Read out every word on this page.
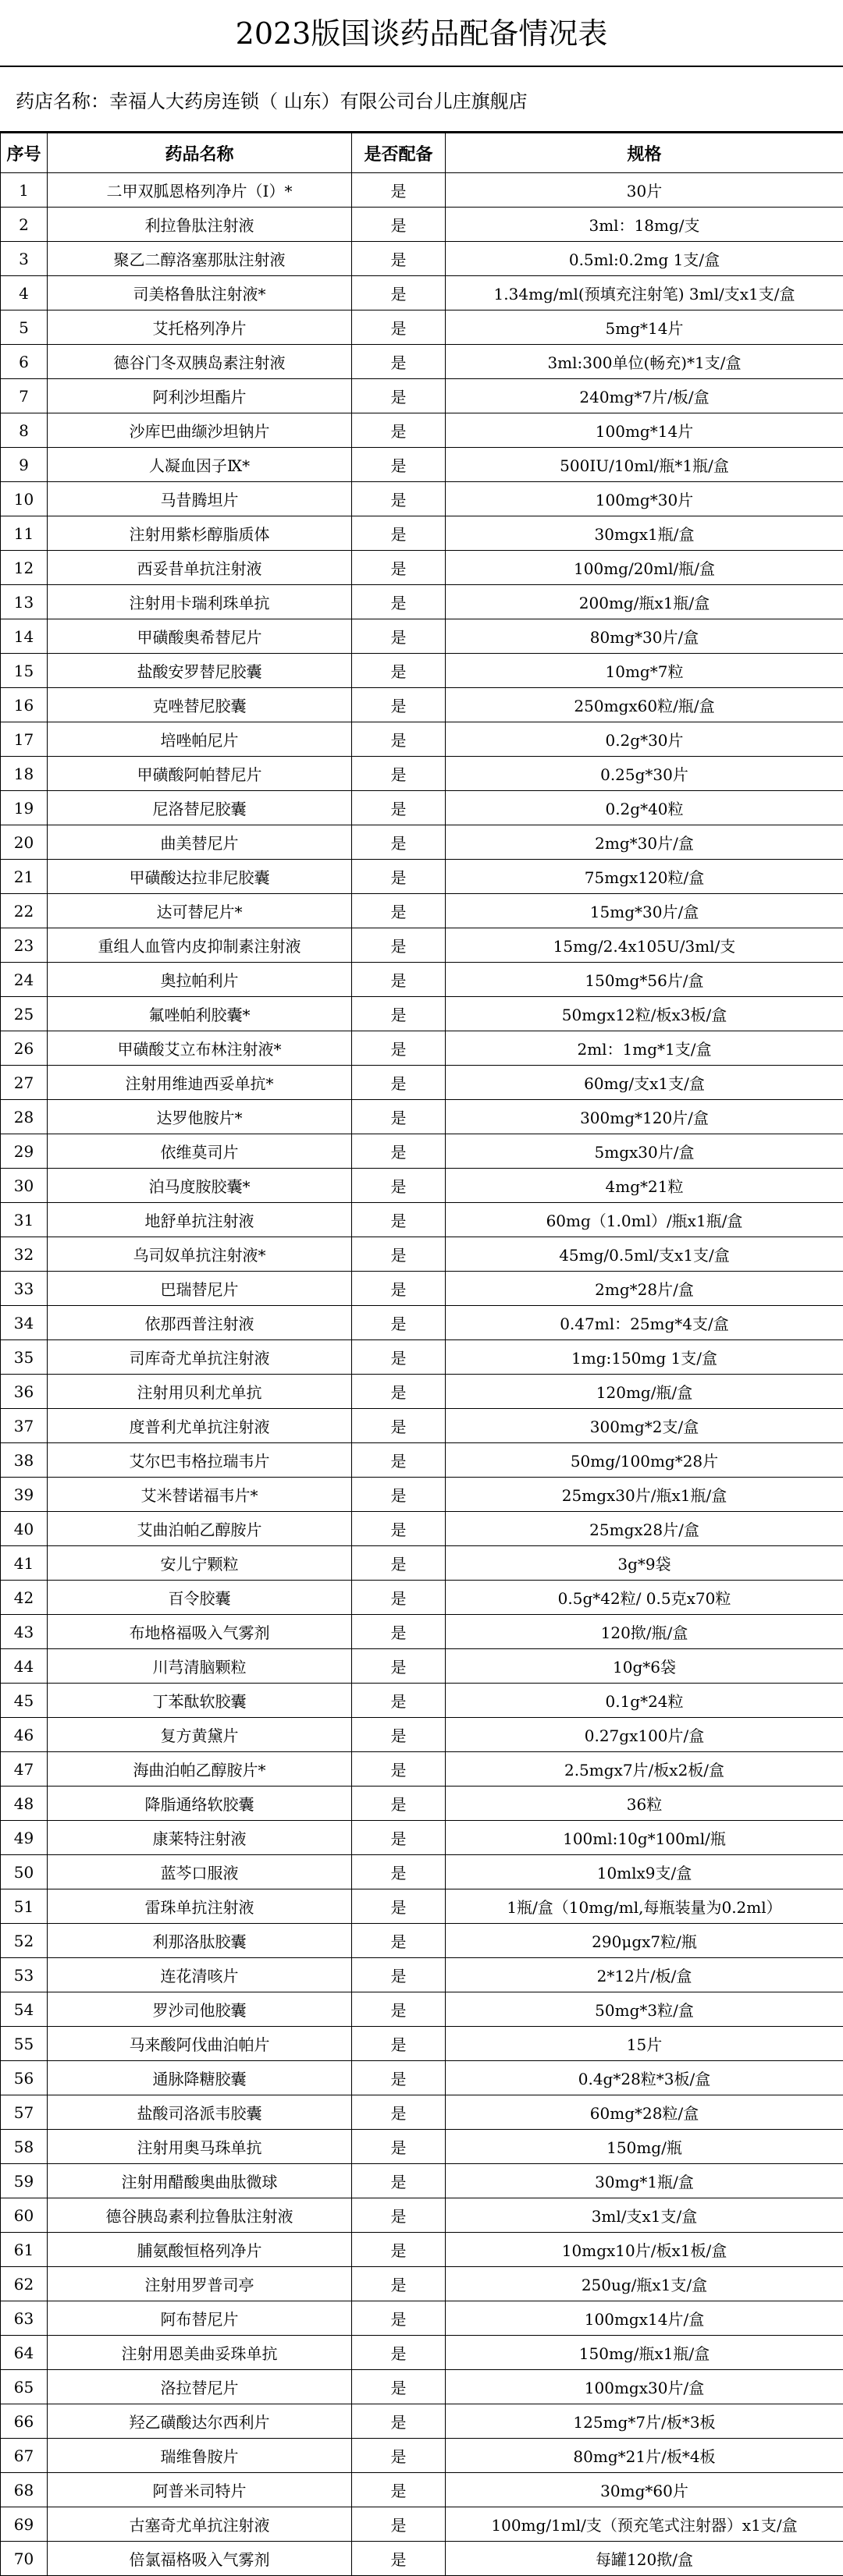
2023版国谈药品配备情况表
药店名称：幸福人大药房连锁（ 山东）有限公司台儿庄旗舰店
序号	药品名称	是否配备	规格
1	二甲双胍恩格列净片（Ⅰ）*	是	30片
2	利拉鲁肽注射液	是	3ml：18mg/支
3	聚乙二醇洛塞那肽注射液	是	0.5ml:0.2mg 1支/盒
4	司美格鲁肽注射液*	是	1.34mg/ml(预填充注射笔) 3ml/支x1支/盒
5	艾托格列净片	是	5mg*14片
6	德谷门冬双胰岛素注射液	是	3ml:300单位(畅充)*1支/盒
7	阿利沙坦酯片	是	240mg*7片/板/盒
8	沙库巴曲缬沙坦钠片	是	100mg*14片
9	人凝血因子Ⅸ*	是	500IU/10ml/瓶*1瓶/盒
10	马昔腾坦片	是	100mg*30片
11	注射用紫杉醇脂质体	是	30mgx1瓶/盒
12	西妥昔单抗注射液	是	100mg/20ml/瓶/盒
13	注射用卡瑞利珠单抗	是	200mg/瓶x1瓶/盒
14	甲磺酸奥希替尼片	是	80mg*30片/盒
15	盐酸安罗替尼胶囊	是	10mg*7粒
16	克唑替尼胶囊	是	250mgx60粒/瓶/盒
17	培唑帕尼片	是	0.2g*30片
18	甲磺酸阿帕替尼片	是	0.25g*30片
19	尼洛替尼胶囊	是	0.2g*40粒
20	曲美替尼片	是	2mg*30片/盒
21	甲磺酸达拉非尼胶囊	是	75mgx120粒/盒
22	达可替尼片*	是	15mg*30片/盒
23	重组人血管内皮抑制素注射液	是	15mg/2.4x105U/3ml/支
24	奥拉帕利片	是	150mg*56片/盒
25	氟唑帕利胶囊*	是	50mgx12粒/板x3板/盒
26	甲磺酸艾立布林注射液*	是	2ml：1mg*1支/盒
27	注射用维迪西妥单抗*	是	60mg/支x1支/盒
28	达罗他胺片*	是	300mg*120片/盒
29	依维莫司片	是	5mgx30片/盒
30	泊马度胺胶囊*	是	4mg*21粒
31	地舒单抗注射液	是	60mg（1.0ml）/瓶x1瓶/盒
32	乌司奴单抗注射液*	是	45mg/0.5ml/支x1支/盒
33	巴瑞替尼片	是	2mg*28片/盒
34	依那西普注射液	是	0.47ml：25mg*4支/盒
35	司库奇尤单抗注射液	是	1mg:150mg 1支/盒
36	注射用贝利尤单抗	是	120mg/瓶/盒
37	度普利尤单抗注射液	是	300mg*2支/盒
38	艾尔巴韦格拉瑞韦片	是	50mg/100mg*28片
39	艾米替诺福韦片*	是	25mgx30片/瓶x1瓶/盒
40	艾曲泊帕乙醇胺片	是	25mgx28片/盒
41	安儿宁颗粒	是	3g*9袋
42	百令胶囊	是	0.5g*42粒/ 0.5克x70粒
43	布地格福吸入气雾剂	是	120揿/瓶/盒
44	川芎清脑颗粒	是	10g*6袋
45	丁苯酞软胶囊	是	0.1g*24粒
46	复方黄黛片	是	0.27gx100片/盒
47	海曲泊帕乙醇胺片*	是	2.5mgx7片/板x2板/盒
48	降脂通络软胶囊	是	36粒
49	康莱特注射液	是	100ml:10g*100ml/瓶
50	蓝芩口服液	是	10mlx9支/盒
51	雷珠单抗注射液	是	1瓶/盒（10mg/ml,每瓶装量为0.2ml）
52	利那洛肽胶囊	是	290μgx7粒/瓶
53	连花清咳片	是	2*12片/板/盒
54	罗沙司他胶囊	是	50mg*3粒/盒
55	马来酸阿伐曲泊帕片	是	15片
56	通脉降糖胶囊	是	0.4g*28粒*3板/盒
57	盐酸司洛派韦胶囊	是	60mg*28粒/盒
58	注射用奥马珠单抗	是	150mg/瓶
59	注射用醋酸奥曲肽微球	是	30mg*1瓶/盒
60	德谷胰岛素利拉鲁肽注射液	是	3ml/支x1支/盒
61	脯氨酸恒格列净片	是	10mgx10片/板x1板/盒
62	注射用罗普司亭	是	250ug/瓶x1支/盒
63	阿布替尼片	是	100mgx14片/盒
64	注射用恩美曲妥珠单抗	是	150mg/瓶x1瓶/盒
65	洛拉替尼片	是	100mgx30片/盒
66	羟乙磺酸达尔西利片	是	125mg*7片/板*3板
67	瑞维鲁胺片	是	80mg*21片/板*4板
68	阿普米司特片	是	30mg*60片
69	古塞奇尤单抗注射液	是	100mg/1ml/支（预充笔式注射器）x1支/盒
70	倍氯福格吸入气雾剂	是	每罐120揿/盒
